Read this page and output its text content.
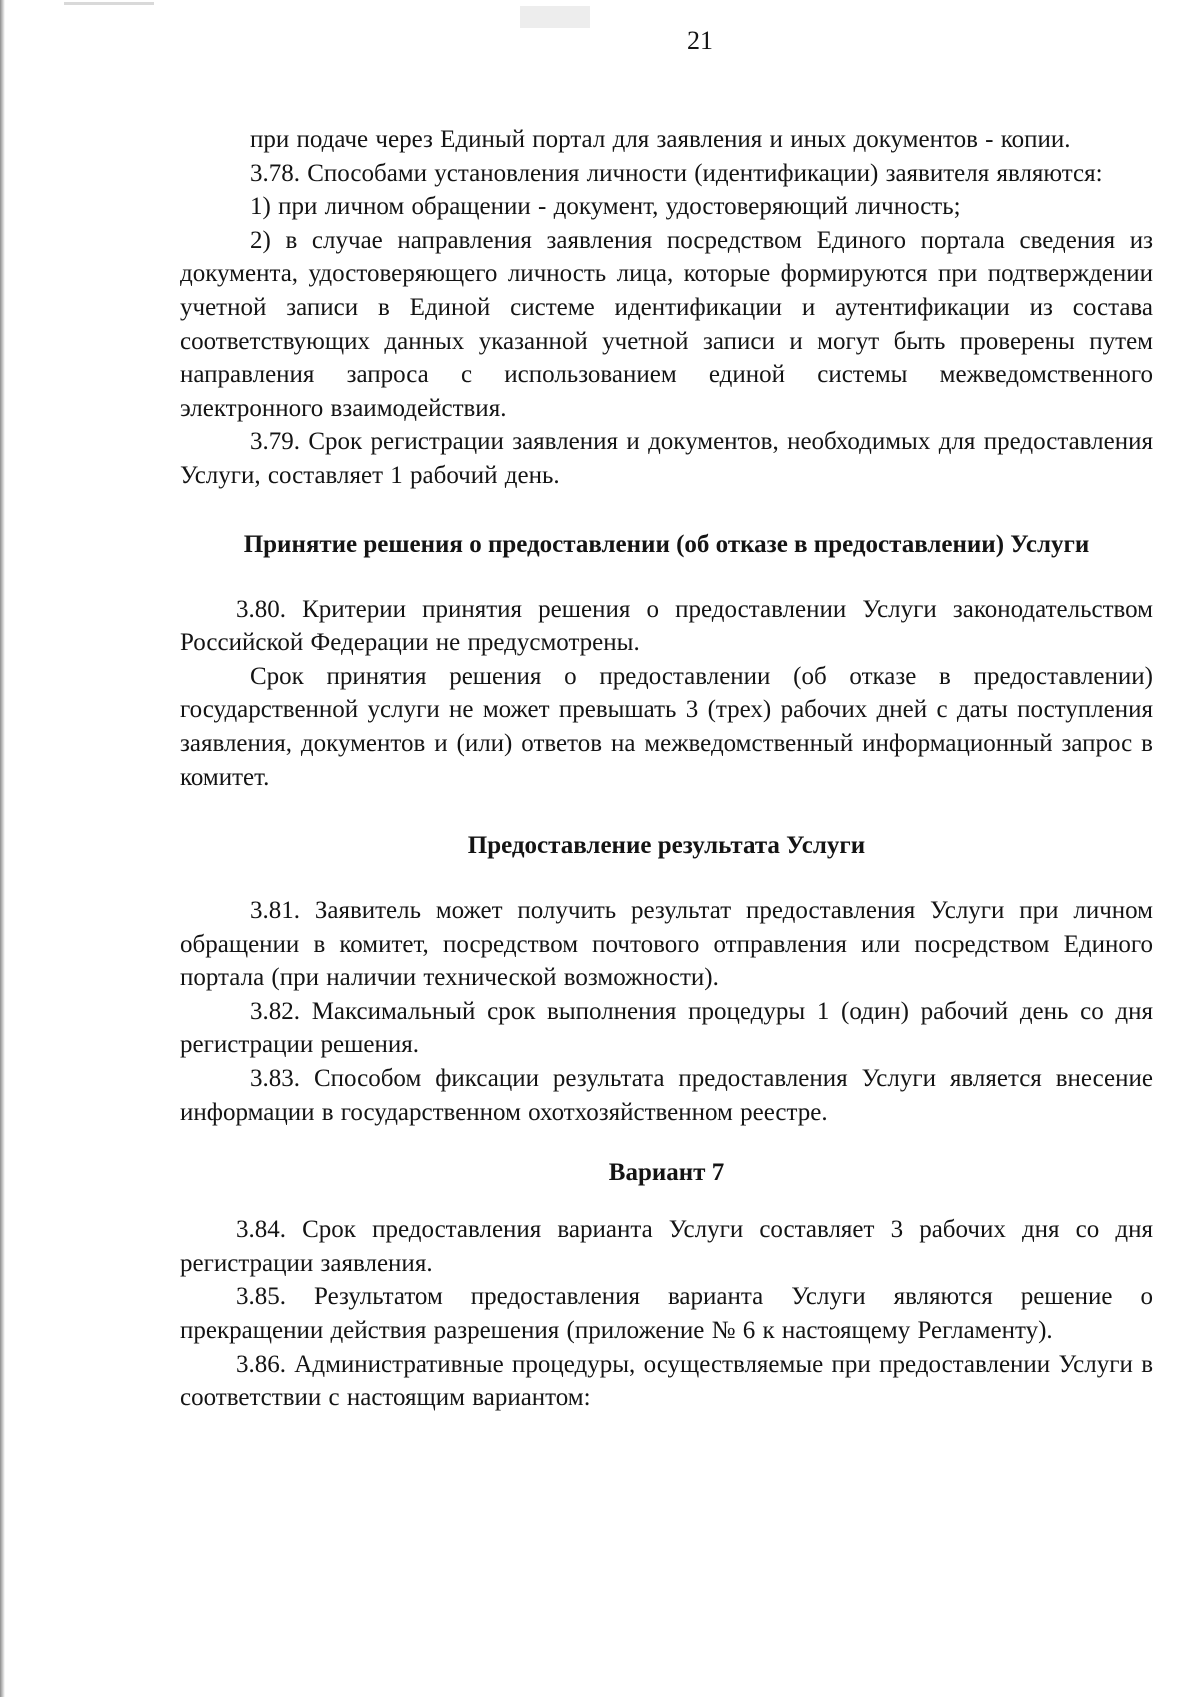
21

при подаче через Единый портал для заявления и иных документов - копии.

3.78. Способами установления личности (идентификации) заявителя являются:

1) при личном обращении - документ, удостоверяющий личность;

2) в случае направления заявления посредством Единого портала сведения из документа, удостоверяющего личность лица, которые формируются при подтверждении учетной записи в Единой системе идентификации и аутентификации из состава соответствующих данных указанной учетной записи и могут быть проверены путем направления запроса с использованием единой системы межведомственного электронного взаимодействия.

3.79. Срок регистрации заявления и документов, необходимых для предоставления Услуги, составляет 1 рабочий день.

Принятие решения о предоставлении (об отказе в предоставлении) Услуги

3.80. Критерии принятия решения о предоставлении Услуги законодательством Российской Федерации не предусмотрены.

Срок принятия решения о предоставлении (об отказе в предоставлении) государственной услуги не может превышать 3 (трех) рабочих дней с даты поступления заявления, документов и (или) ответов на межведомственный информационный запрос в комитет.

Предоставление результата Услуги

3.81. Заявитель может получить результат предоставления Услуги при личном обращении в комитет, посредством почтового отправления или посредством Единого портала (при наличии технической возможности).

3.82. Максимальный срок выполнения процедуры 1 (один) рабочий день со дня регистрации решения.

3.83. Способом фиксации результата предоставления Услуги является внесение информации в государственном охотхозяйственном реестре.

Вариант 7

3.84. Срок предоставления варианта Услуги составляет 3 рабочих дня со дня регистрации заявления.

3.85. Результатом предоставления варианта Услуги являются решение о прекращении действия разрешения (приложение № 6 к настоящему Регламенту).

3.86. Административные процедуры, осуществляемые при предоставлении Услуги в соответствии с настоящим вариантом:
